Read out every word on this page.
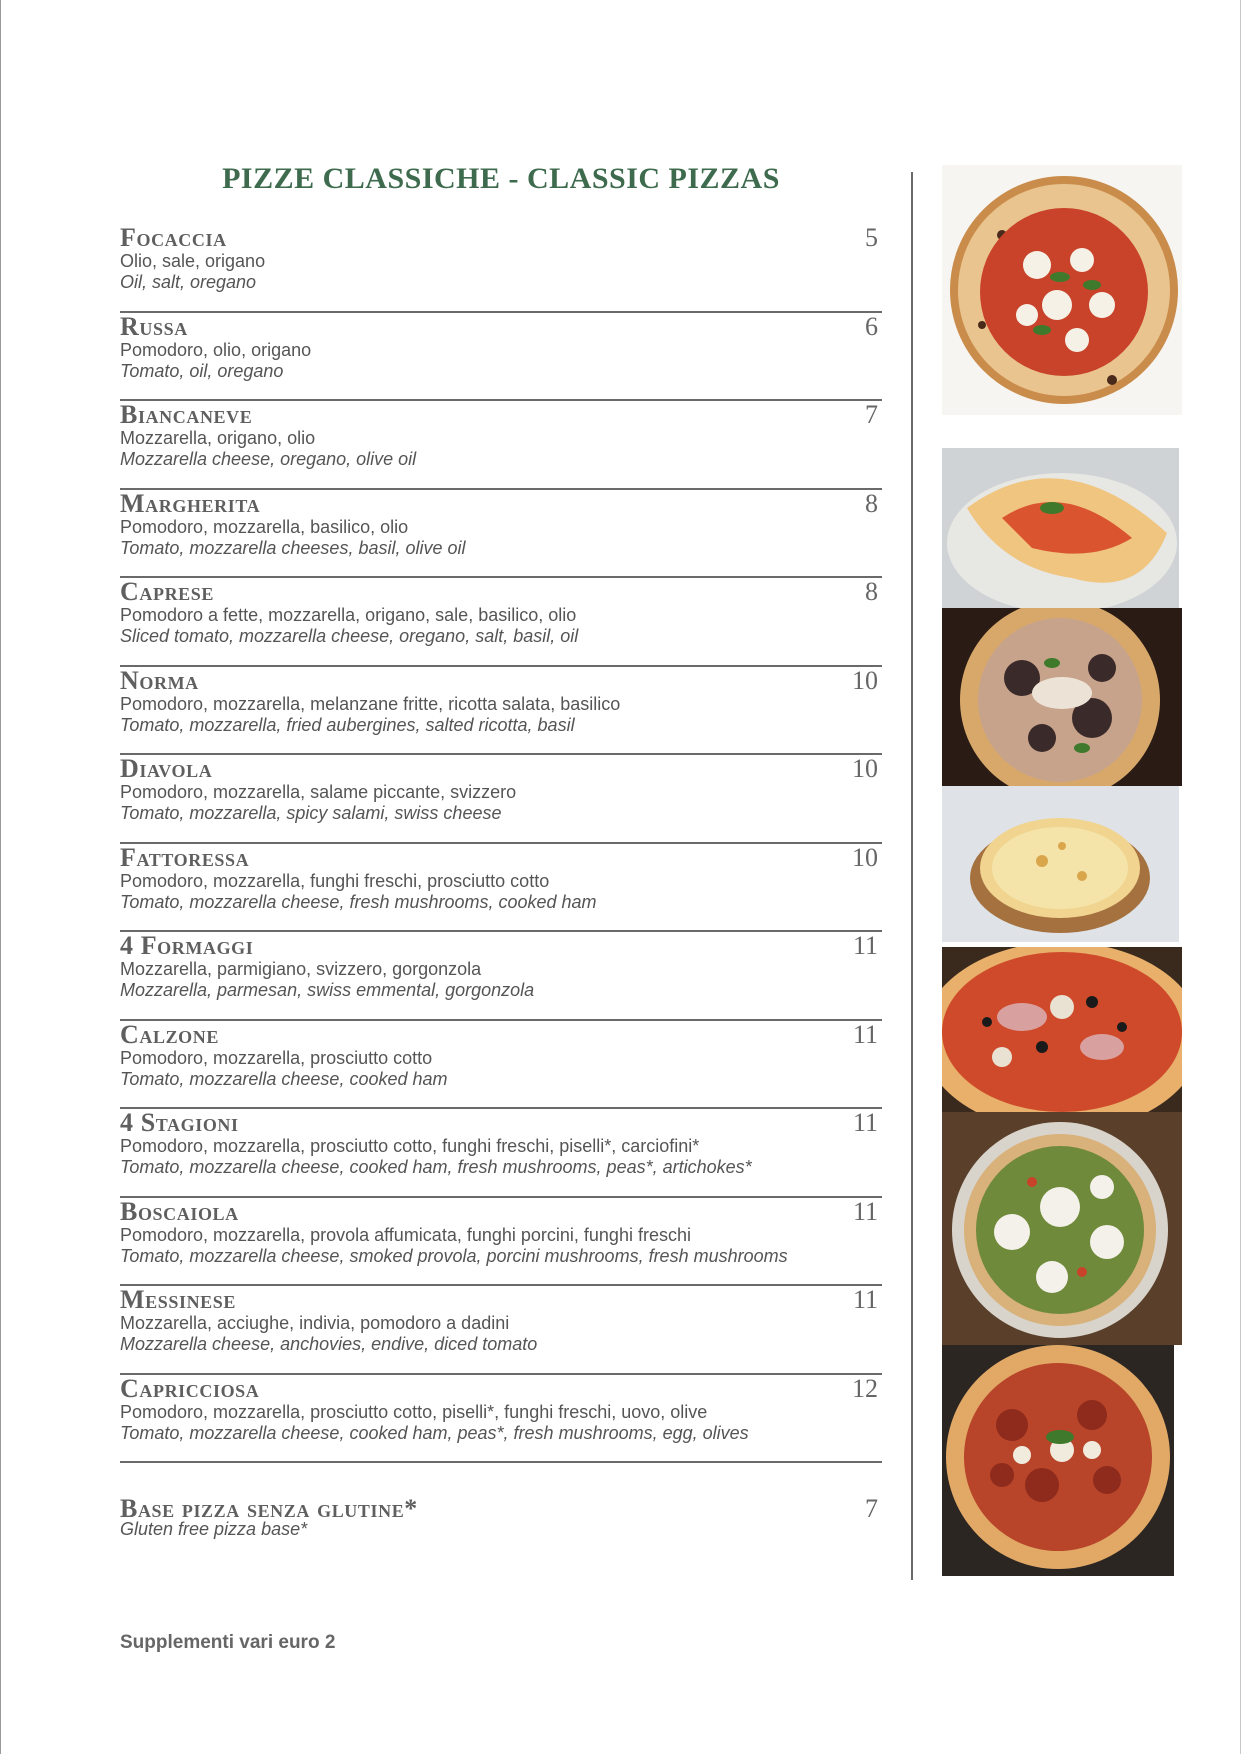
PIZZE CLASSICHE - CLASSIC PIZZAS
Focaccia	5
Olio, sale, origano
Oil, salt, oregano
Russa	6
Pomodoro, olio, origano
Tomato, oil, oregano
Biancaneve	7
Mozzarella, origano, olio
Mozzarella cheese, oregano, olive oil
Margherita	8
Pomodoro, mozzarella, basilico, olio
Tomato, mozzarella cheeses, basil, olive oil
Caprese	8
Pomodoro a fette, mozzarella, origano, sale, basilico, olio
Sliced tomato, mozzarella cheese, oregano, salt, basil, oil
Norma	10
Pomodoro, mozzarella, melanzane fritte, ricotta salata, basilico
Tomato, mozzarella, fried aubergines, salted ricotta, basil
Diavola	10
Pomodoro, mozzarella, salame piccante, svizzero
Tomato, mozzarella, spicy salami, swiss cheese
Fattoressa	10
Pomodoro, mozzarella, funghi freschi, prosciutto cotto
Tomato, mozzarella cheese, fresh mushrooms, cooked ham
4 Formaggi	11
Mozzarella, parmigiano, svizzero, gorgonzola
Mozzarella, parmesan, swiss emmental, gorgonzola
Calzone	11
Pomodoro, mozzarella, prosciutto cotto
Tomato, mozzarella cheese, cooked ham
4 Stagioni	11
Pomodoro, mozzarella, prosciutto cotto, funghi freschi, piselli*, carciofini*
Tomato, mozzarella cheese, cooked ham, fresh mushrooms, peas*, artichokes*
Boscaiola	11
Pomodoro, mozzarella, provola affumicata, funghi porcini, funghi freschi
Tomato, mozzarella cheese, smoked provola, porcini mushrooms, fresh mushrooms
Messinese	11
Mozzarella, acciughe, indivia, pomodoro a dadini
Mozzarella cheese, anchovies, endive, diced tomato
Capricciosa	12
Pomodoro, mozzarella, prosciutto cotto, piselli*, funghi freschi, uovo, olive
Tomato, mozzarella cheese, cooked ham, peas*, fresh mushrooms, egg, olives
Base pizza senza glutine*	7
Gluten free pizza base*
Supplementi vari euro 2
